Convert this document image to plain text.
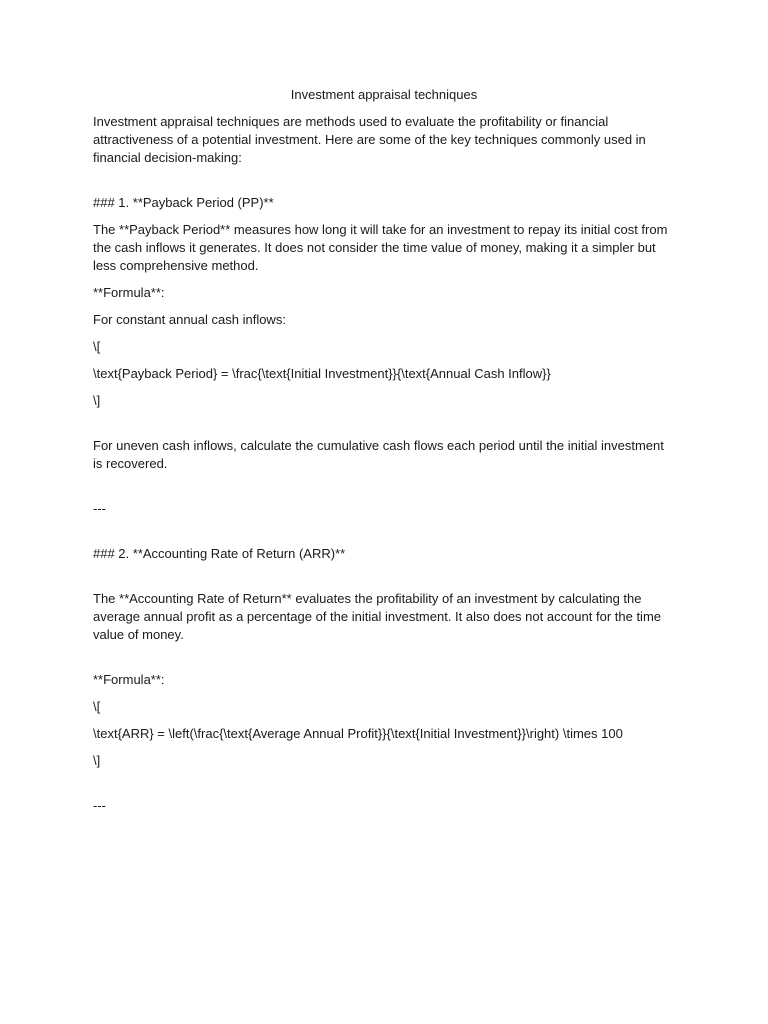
Investment appraisal techniques

Investment appraisal techniques are methods used to evaluate the profitability or financial attractiveness of a potential investment. Here are some of the key techniques commonly used in financial decision-making:

### 1. **Payback Period (PP)**

The **Payback Period** measures how long it will take for an investment to repay its initial cost from the cash inflows it generates. It does not consider the time value of money, making it a simpler but less comprehensive method.

**Formula**:

For constant annual cash inflows:

\[

\text{Payback Period} = \frac{\text{Initial Investment}}{\text{Annual Cash Inflow}}

\]

For uneven cash inflows, calculate the cumulative cash flows each period until the initial investment is recovered.

---

### 2. **Accounting Rate of Return (ARR)**

The **Accounting Rate of Return** evaluates the profitability of an investment by calculating the average annual profit as a percentage of the initial investment. It also does not account for the time value of money.

**Formula**:

\[

\text{ARR} = \left(\frac{\text{Average Annual Profit}}{\text{Initial Investment}}\right) \times 100

\]

---
